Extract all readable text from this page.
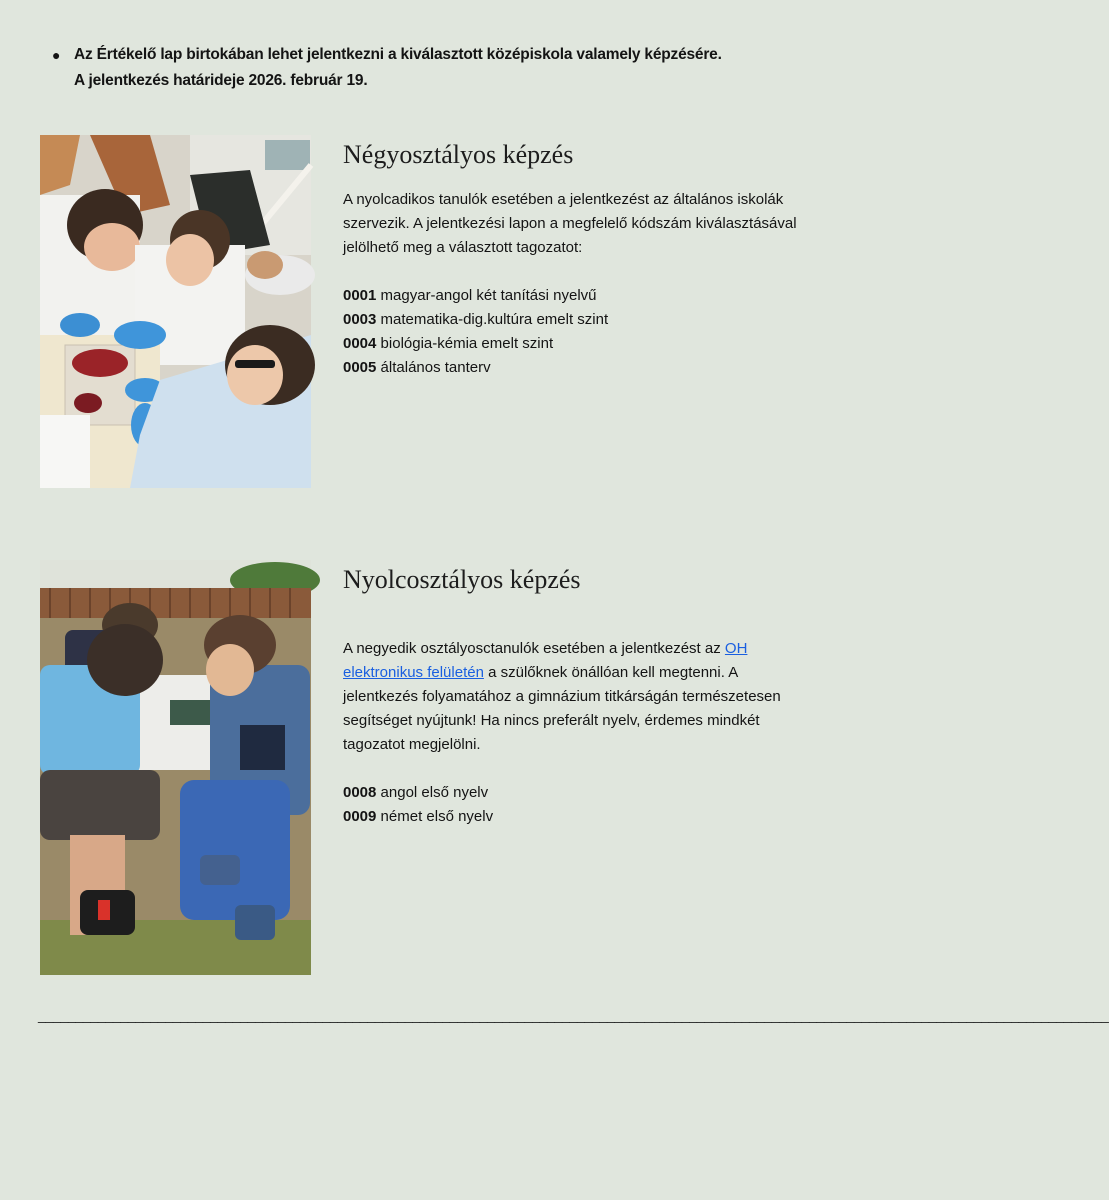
● Az Értékelő lap birtokában lehet jelentkezni a kiválasztott középiskola valamely képzésére.
A jelentkezés határideje 2026. február 19.
Négyosztályos képzés

A nyolcadikos tanulók esetében a jelentkezést az általános iskolák szervezik. A jelentkezési lapon a megfelelő kódszám kiválasztásával jelölhető meg a választott tagozatot:

0001 magyar-angol két tanítási nyelvű
0003 matematika-dig.kultúra emelt szint
0004 biológia-kémia emelt szint
0005 általános tanterv
Nyolcosztályos képzés

A negyedik osztályosctanulók esetében a jelentkezést az OH elektronikus felületén a szülőknek önállóan kell megtenni. A jelentkezés folyamatához a gimnázium titkárságán természetesen segítséget nyújtunk! Ha nincs preferált nyelv, érdemes mindkét tagozatot megjelölni.

0008 angol első nyelv
0009 német első nyelv
_______________________________________________________________________________________________________________________________________________
